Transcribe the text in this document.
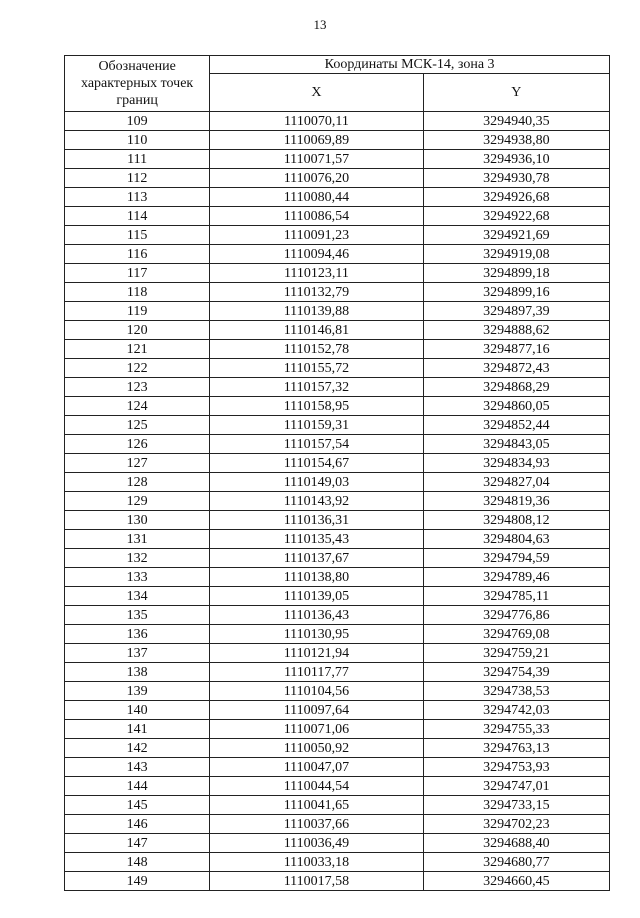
13
Обозначение характерных точек границ	Координаты МСК-14, зона 3	
	X	Y
109	1110070,11	3294940,35
110	1110069,89	3294938,80
111	1110071,57	3294936,10
112	1110076,20	3294930,78
113	1110080,44	3294926,68
114	1110086,54	3294922,68
115	1110091,23	3294921,69
116	1110094,46	3294919,08
117	1110123,11	3294899,18
118	1110132,79	3294899,16
119	1110139,88	3294897,39
120	1110146,81	3294888,62
121	1110152,78	3294877,16
122	1110155,72	3294872,43
123	1110157,32	3294868,29
124	1110158,95	3294860,05
125	1110159,31	3294852,44
126	1110157,54	3294843,05
127	1110154,67	3294834,93
128	1110149,03	3294827,04
129	1110143,92	3294819,36
130	1110136,31	3294808,12
131	1110135,43	3294804,63
132	1110137,67	3294794,59
133	1110138,80	3294789,46
134	1110139,05	3294785,11
135	1110136,43	3294776,86
136	1110130,95	3294769,08
137	1110121,94	3294759,21
138	1110117,77	3294754,39
139	1110104,56	3294738,53
140	1110097,64	3294742,03
141	1110071,06	3294755,33
142	1110050,92	3294763,13
143	1110047,07	3294753,93
144	1110044,54	3294747,01
145	1110041,65	3294733,15
146	1110037,66	3294702,23
147	1110036,49	3294688,40
148	1110033,18	3294680,77
149	1110017,58	3294660,45
